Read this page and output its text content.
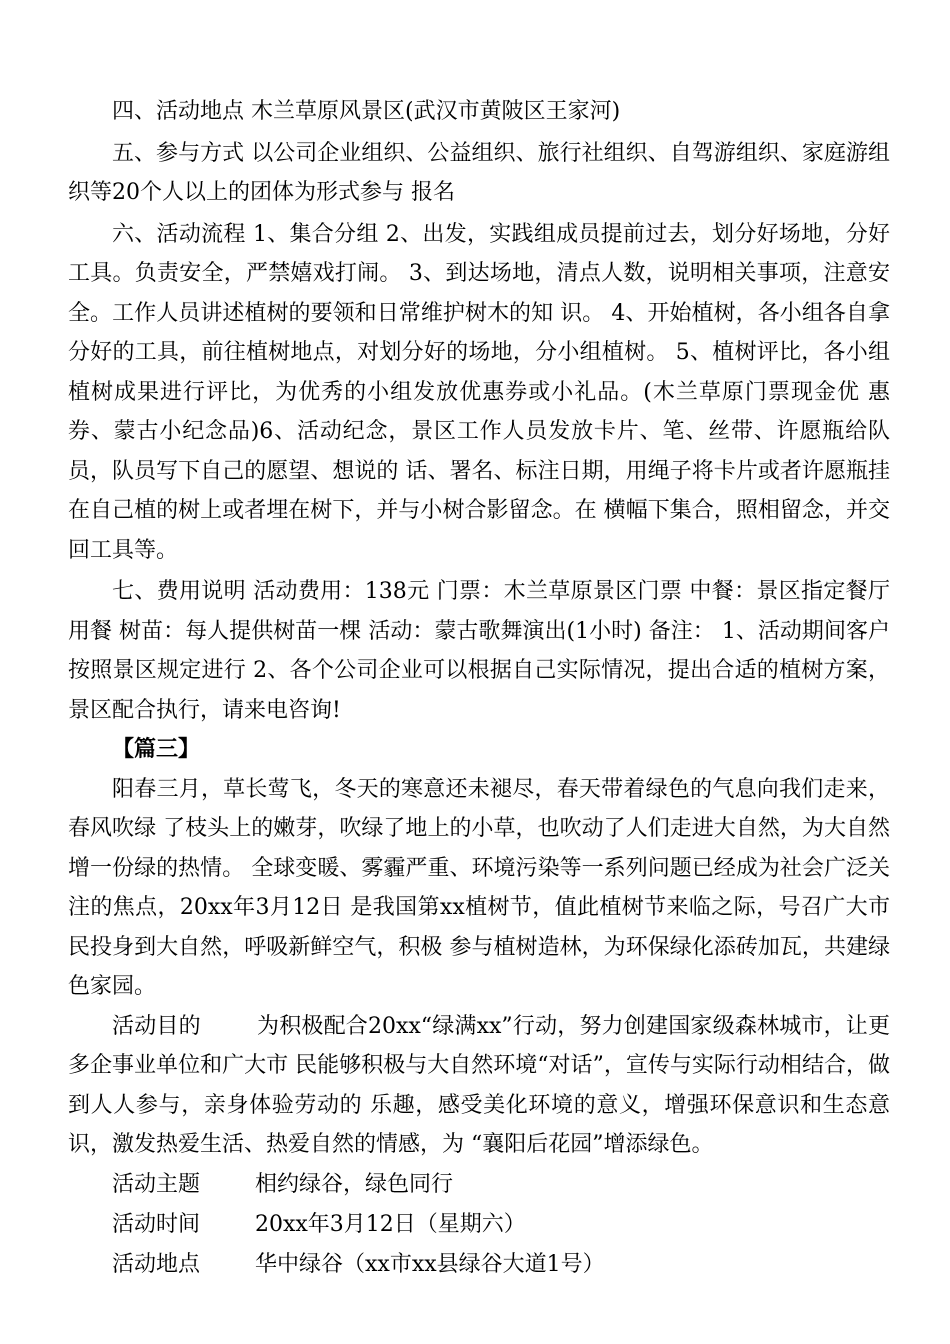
四、活动地点 木兰草原风景区(武汉市黄陂区王家河)

五、参与方式 以公司企业组织、公益组织、旅行社组织、自驾游组织、家庭游组织等20个人以上的团体为形式参与 报名

六、活动流程 1、集合分组 2、出发，实践组成员提前过去，划分好场地，分好工具。负责安全，严禁嬉戏打闹。 3、到达场地，清点人数，说明相关事项，注意安全。工作人员讲述植树的要领和日常维护树木的知 识。 4、开始植树，各小组各自拿分好的工具，前往植树地点，对划分好的场地，分小组植树。 5、植树评比，各小组植树成果进行评比，为优秀的小组发放优惠券或小礼品。(木兰草原门票现金优 惠券、蒙古小纪念品)6、活动纪念，景区工作人员发放卡片、笔、丝带、许愿瓶给队员，队员写下自己的愿望、想说的 话、署名、标注日期，用绳子将卡片或者许愿瓶挂在自己植的树上或者埋在树下，并与小树合影留念。在 横幅下集合，照相留念，并交回工具等。

七、费用说明 活动费用：138元 门票：木兰草原景区门票 中餐：景区指定餐厅用餐 树苗：每人提供树苗一棵 活动：蒙古歌舞演出(1小时) 备注： 1、活动期间客户按照景区规定进行 2、各个公司企业可以根据自己实际情况，提出合适的植树方案，景区配合执行，请来电咨询!

【篇三】

阳春三月，草长莺飞，冬天的寒意还未褪尽，春天带着绿色的气息向我们走来，春风吹绿 了枝头上的嫩芽，吹绿了地上的小草，也吹动了人们走进大自然，为大自然增一份绿的热情。 全球变暖、雾霾严重、环境污染等一系列问题已经成为社会广泛关注的焦点，20xx年3月12日 是我国第xx植树节，值此植树节来临之际，号召广大市民投身到大自然，呼吸新鲜空气，积极 参与植树造林，为环保绿化添砖加瓦，共建绿色家园。

活动目的	为积极配合20xx“绿满xx”行动，努力创建国家级森林城市，让更多企事业单位和广大市 民能够积极与大自然环境“对话”，宣传与实际行动相结合，做到人人参与，亲身体验劳动的 乐趣，感受美化环境的意义，增强环保意识和生态意识，激发热爱生活、热爱自然的情感，为 “襄阳后花园”增添绿色。

活动主题	相约绿谷，绿色同行
活动时间	20xx年3月12日（星期六）
活动地点	华中绿谷（xx市xx县绿谷大道1号）
